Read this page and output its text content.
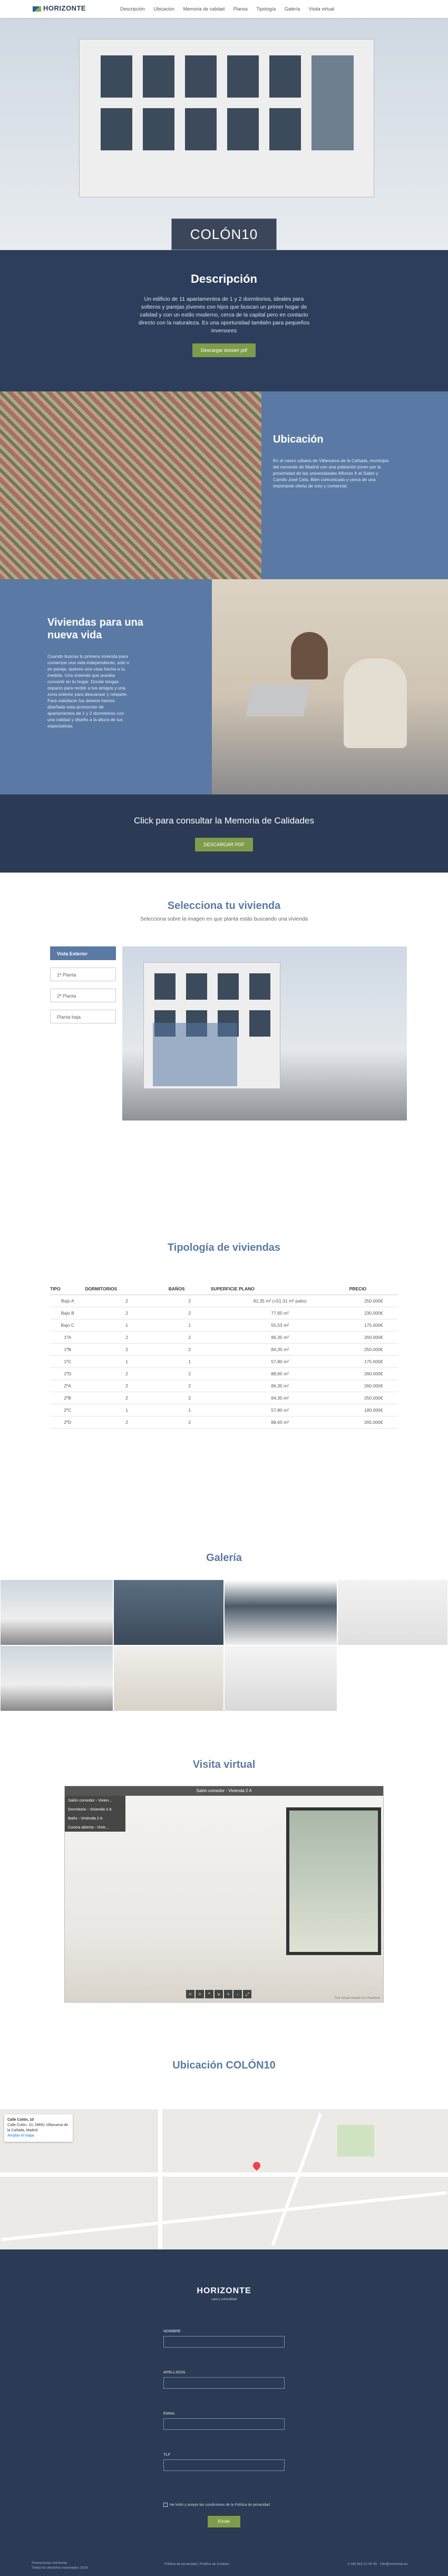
HORIZONTE	Descripción Ubicación Memoria de calidad Planos Tipología Galería Visita virtual
COLÓN10
Descripción
Un edificio de 11 apartamentos de 1 y 2 dormitorios, ideales para solteros y parejas jóvenes con hijos que buscan un primer hogar de calidad y con un estilo moderno, cerca de la capital pero en contacto directo con la naturaleza. Es una oportunidad también para pequeños inversores
Descargar dossier pdf
Ubicación
En el casco urbano de Villanueva de la Cañada, municipio del noroeste de Madrid con una población joven por la proximidad de las universidades Alfonso X el Sabio y Camilo José Cela. Bien comunicada y cerca de una importante oferta de ocio y comercial.
Viviendas para una nueva vida
Cuando buscas tu primera vivienda para comenzar una vida independiente, solo o en pareja, quieres una casa hecha a tu medida. Una vivienda que puedas convertir en tu hogar. Donde tengas espacio para recibir a tus amigos y una zona exterior para descansar y relajarte. Para satisfacer tus deseos hemos diseñado esta promoción de apartamentos de 1 y 2 dormitorios con una calidad y diseño a la altura de tus expectativas.
Click para consultar la Memoria de Calidades
DESCARGAR PDF
Selecciona tu vivienda
Selecciona sobre la imagen en que planta estás buscando una vivienda
Vista Exterior
1ª Planta
2ª Planta
Planta baja
Tipología de viviendas
TIPO	DORMITORIOS	BAÑOS	SUPERFICIE PLANO	PRECIO
Bajo A	2	2	81,35 m² (+51,31 m² patio)	250.000€
Bajo B	2	2	77,65 m²	230.000€
Bajo C	1	1	55,53 m²	175.000€
1ºA	2	2	86,35 m²	260.000€
1ºB	2	2	84,35 m²	250.000€
1ºC	1	1	57,80 m²	175.000€
1ºD	2	2	88,65 m²	260.000€
2ºA	2	2	86,35 m²	260.000€
2ºB	2	2	84,35 m²	250.000€
2ºC	1	1	57,80 m²	180.000€
2ºD	2	2	88,65 m²	265.000€
Galería
Visita virtual
Salón comedor - Vivienda 2 A
Salón comedor - Vivien...
Dormitorio - Vivienda 2 A
Baño - Vivienda 2 A
Cocina abierta - Vivie...
< > ^ v + - ⤢
Tour virtual creado con Panotour
Ubicación COLÓN10
Calle Colón, 10
Calle Colón, 10, 28691 Villanueva de la Cañada, Madrid
Ampliar el mapa
HORIZONTE
casa y comodidad
NOMBRE
APELLIDOS
EMAIL
TLF
He leído y acepto las condiciones de la Política de privacidad
Enviar
Promociones Horizonte
Todos los derechos reservados 2019
Política de privacidad | Política de Cookies	(+34) 918 12 00 45 · info@horizonte.es
